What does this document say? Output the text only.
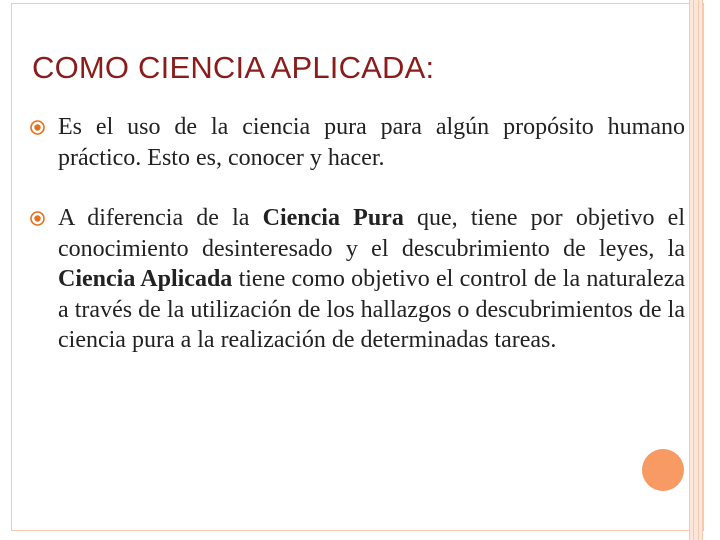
COMO CIENCIA APLICADA:
Es el uso de la ciencia pura para algún propósito humano práctico. Esto es, conocer y hacer.
A diferencia de la Ciencia Pura que, tiene por objetivo el conocimiento desinteresado y el descubrimiento de leyes, la Ciencia Aplicada tiene como objetivo el control de la naturaleza a través de la utilización de los hallazgos o descubrimientos de la ciencia pura a la realización de determinadas tareas.
